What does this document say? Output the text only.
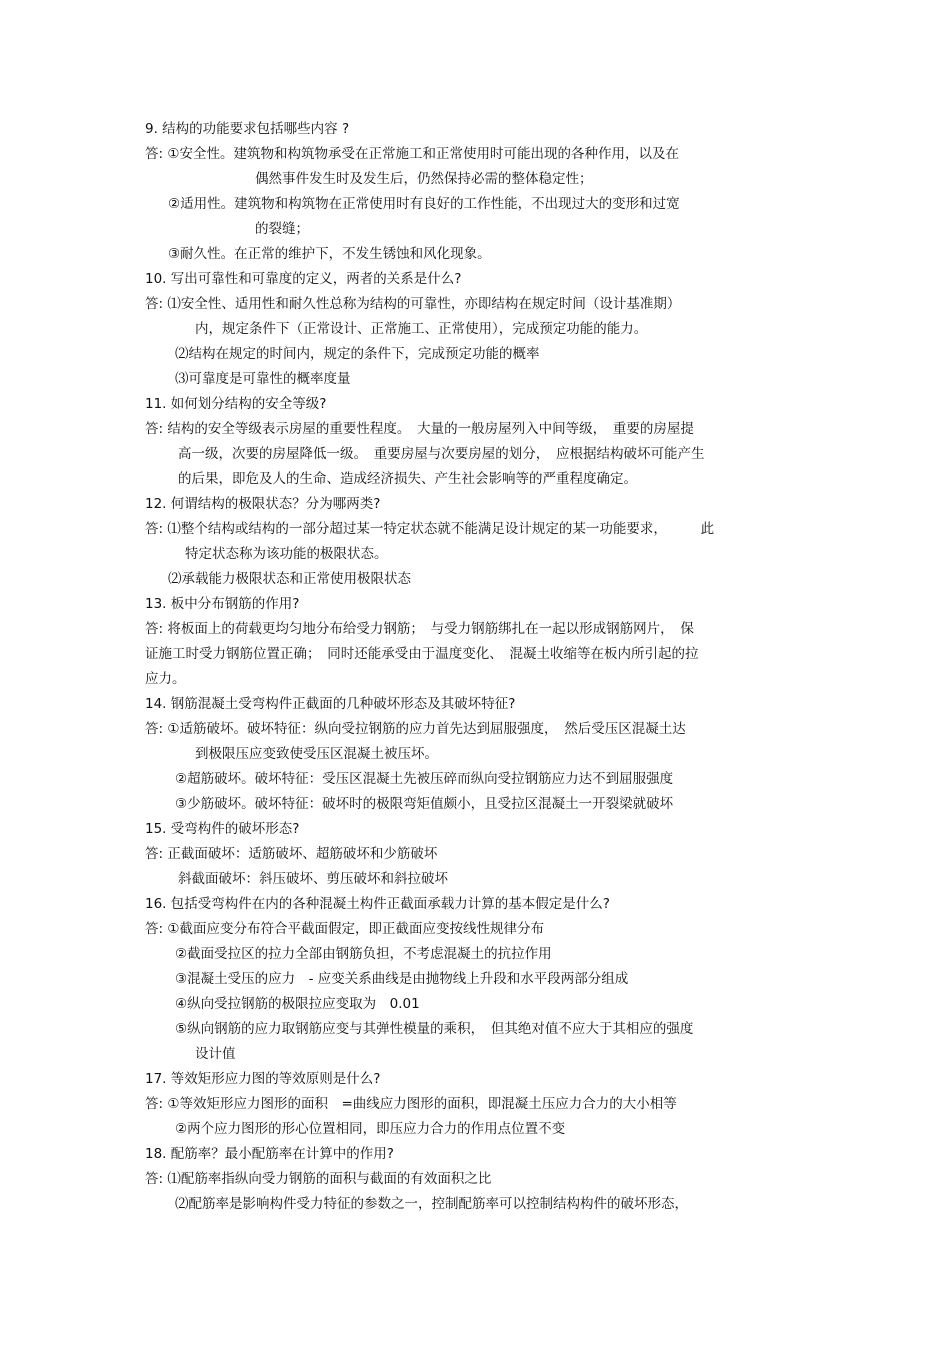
9. 结构的功能要求包括哪些内容 ?
答: ①安全性。建筑物和构筑物承受在正常施工和正常使用时可能出现的各种作用，以及在
偶然事件发生时及发生后，仍然保持必需的整体稳定性；
②适用性。建筑物和构筑物在正常使用时有良好的工作性能，不出现过大的变形和过宽
的裂缝；
③耐久性。在正常的维护下，不发生锈蚀和风化现象。
10. 写出可靠性和可靠度的定义，两者的关系是什么?
答: ⑴安全性、适用性和耐久性总称为结构的可靠性，亦即结构在规定时间（设计基准期）
内，规定条件下（正常设计、正常施工、正常使用），完成预定功能的能力。
⑵结构在规定的时间内，规定的条件下，完成预定功能的概率
⑶可靠度是可靠性的概率度量
11. 如何划分结构的安全等级?
答: 结构的安全等级表示房屋的重要性程度。　大量的一般房屋列入中间等级，　重要的房屋提
高一级，次要的房屋降低一级。　重要房屋与次要房屋的划分，　应根据结构破坏可能产生
的后果，即危及人的生命、造成经济损失、产生社会影响等的严重程度确定。
12. 何谓结构的极限状态？分为哪两类?
答: ⑴整个结构或结构的一部分超过某一特定状态就不能满足设计规定的某一功能要求，　　　此
特定状态称为该功能的极限状态。
⑵承载能力极限状态和正常使用极限状态
13. 板中分布钢筋的作用?
答: 将板面上的荷载更均匀地分布给受力钢筋；　与受力钢筋绑扎在一起以形成钢筋网片，　保
证施工时受力钢筋位置正确；　同时还能承受由于温度变化、　混凝土收缩等在板内所引起的拉
应力。
14. 钢筋混凝土受弯构件正截面的几种破坏形态及其破坏特征?
答: ①适筋破坏。破坏特征：纵向受拉钢筋的应力首先达到屈服强度，　然后受压区混凝土达
到极限压应变致使受压区混凝土被压坏。
②超筋破坏。破坏特征：受压区混凝土先被压碎而纵向受拉钢筋应力达不到屈服强度
③少筋破坏。破坏特征：破坏时的极限弯矩值颇小，且受拉区混凝土一开裂梁就破坏
15. 受弯构件的破坏形态?
答: 正截面破坏：适筋破坏、超筋破坏和少筋破坏
斜截面破坏：斜压破坏、剪压破坏和斜拉破坏
16. 包括受弯构件在内的各种混凝土构件正截面承载力计算的基本假定是什么?
答: ①截面应变分布符合平截面假定，即正截面应变按线性规律分布
②截面受拉区的拉力全部由钢筋负担，不考虑混凝土的抗拉作用
③混凝土受压的应力　- 应变关系曲线是由抛物线上升段和水平段两部分组成
④纵向受拉钢筋的极限拉应变取为　0.01
⑤纵向钢筋的应力取钢筋应变与其弹性模量的乘积，　但其绝对值不应大于其相应的强度
设计值
17. 等效矩形应力图的等效原则是什么?
答: ①等效矩形应力图形的面积　=曲线应力图形的面积，即混凝土压应力合力的大小相等
②两个应力图形的形心位置相同，即压应力合力的作用点位置不变
18. 配筋率？最小配筋率在计算中的作用?
答: ⑴配筋率指纵向受力钢筋的面积与截面的有效面积之比
⑵配筋率是影响构件受力特征的参数之一，控制配筋率可以控制结构构件的破坏形态，
